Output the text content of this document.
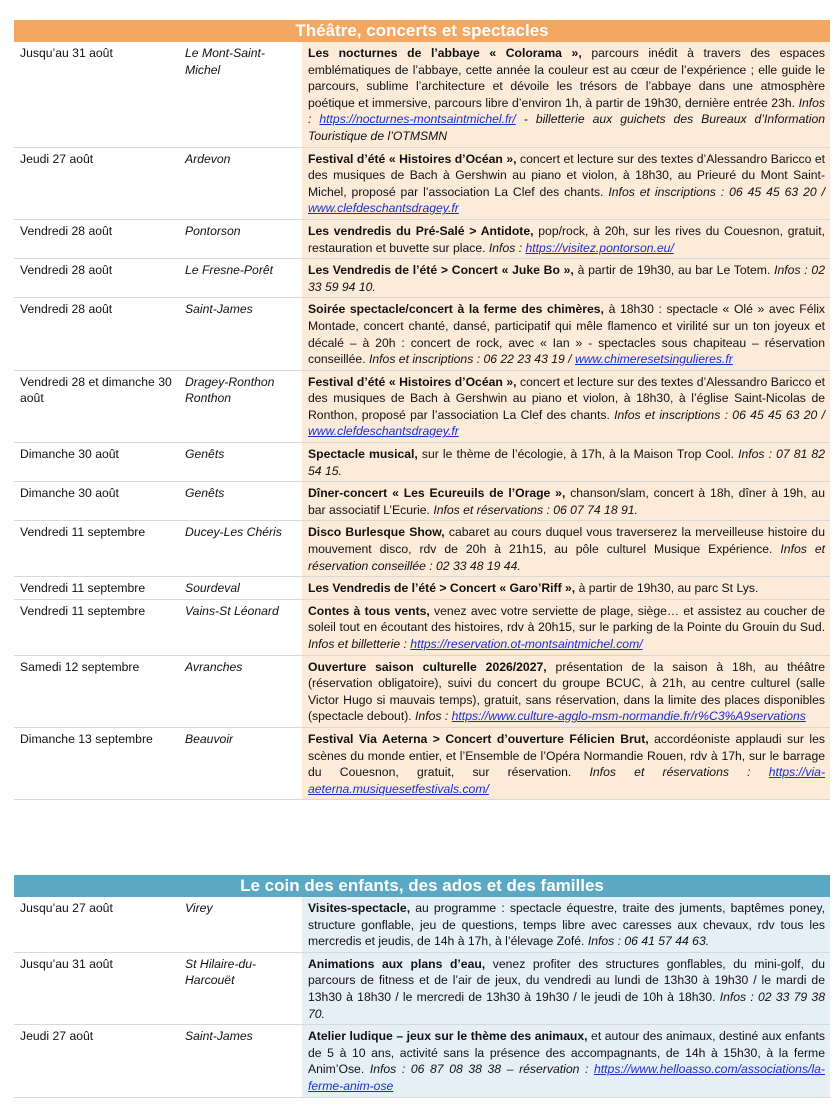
Théâtre, concerts et spectacles
Jusqu’au 31 août	Le Mont-Saint-Michel	Les nocturnes de l’abbaye « Colorama », parcours inédit à travers des espaces emblématiques de l’abbaye, cette année la couleur est au cœur de l’expérience ; elle guide le parcours, sublime l’architecture et dévoile les trésors de l’abbaye dans une atmosphère poétique et immersive, parcours libre d’environ 1h, à partir de 19h30, dernière entrée 23h. Infos : https://nocturnes-montsaintmichel.fr/ - billetterie aux guichets des Bureaux d’Information Touristique de l’OTMSMN
Jeudi 27 août	Ardevon	Festival d’été « Histoires d’Océan », concert et lecture sur des textes d’Alessandro Baricco et des musiques de Bach à Gershwin au piano et violon, à 18h30, au Prieuré du Mont Saint-Michel, proposé par l’association La Clef des chants. Infos et inscriptions : 06 45 45 63 20 / www.clefdeschantsdragey.fr
Vendredi 28 août	Pontorson	Les vendredis du Pré-Salé > Antidote, pop/rock, à 20h, sur les rives du Couesnon, gratuit, restauration et buvette sur place. Infos : https://visitez.pontorson.eu/
Vendredi 28 août	Le Fresne-Porêt	Les Vendredis de l’été > Concert « Juke Bo », à partir de 19h30, au bar Le Totem. Infos : 02 33 59 94 10.
Vendredi 28 août	Saint-James	Soirée spectacle/concert à la ferme des chimères, à 18h30 : spectacle « Olé » avec Félix Montade, concert chanté, dansé, participatif qui mêle flamenco et virilité sur un ton joyeux et décalé – à 20h : concert de rock, avec « Ian » - spectacles sous chapiteau – réservation conseillée. Infos et inscriptions : 06 22 23 43 19 / www.chimeresetsingulieres.fr
Vendredi 28 et dimanche 30 août	Dragey-Ronthon Ronthon	Festival d’été « Histoires d’Océan », concert et lecture sur des textes d’Alessandro Baricco et des musiques de Bach à Gershwin au piano et violon, à 18h30, à l’église Saint-Nicolas de Ronthon, proposé par l’association La Clef des chants. Infos et inscriptions : 06 45 45 63 20 / www.clefdeschantsdragey.fr
Dimanche 30 août	Genêts	Spectacle musical, sur le thème de l’écologie, à 17h, à la Maison Trop Cool. Infos : 07 81 82 54 15.
Dimanche 30 août	Genêts	Dîner-concert « Les Ecureuils de l’Orage », chanson/slam, concert à 18h, dîner à 19h, au bar associatif L’Ecurie. Infos et réservations : 06 07 74 18 91.
Vendredi 11 septembre	Ducey-Les Chéris	Disco Burlesque Show, cabaret au cours duquel vous traverserez la merveilleuse histoire du mouvement disco, rdv de 20h à 21h15, au pôle culturel Musique Expérience. Infos et réservation conseillée : 02 33 48 19 44.
Vendredi 11 septembre	Sourdeval	Les Vendredis de l’été > Concert « Garo’Riff », à partir de 19h30, au parc St Lys.
Vendredi 11 septembre	Vains-St Léonard	Contes à tous vents, venez avec votre serviette de plage, siège… et assistez au coucher de soleil tout en écoutant des histoires, rdv à 20h15, sur le parking de la Pointe du Grouin du Sud. Infos et billetterie : https://reservation.ot-montsaintmichel.com/
Samedi 12 septembre	Avranches	Ouverture saison culturelle 2026/2027, présentation de la saison à 18h, au théâtre (réservation obligatoire), suivi du concert du groupe BCUC, à 21h, au centre culturel (salle Victor Hugo si mauvais temps), gratuit, sans réservation, dans la limite des places disponibles (spectacle debout). Infos : https://www.culture-agglo-msm-normandie.fr/r%C3%A9servations
Dimanche 13 septembre	Beauvoir	Festival Via Aeterna > Concert d’ouverture Félicien Brut, accordéoniste applaudi sur les scènes du monde entier, et l’Ensemble de l’Opéra Normandie Rouen, rdv à 17h, sur le barrage du Couesnon, gratuit, sur réservation. Infos et réservations : https://via-aeterna.musiquesetfestivals.com/
Le coin des enfants, des ados et des familles
Jusqu’au 27 août	Virey	Visites-spectacle, au programme : spectacle équestre, traite des juments, baptêmes poney, structure gonflable, jeu de questions, temps libre avec caresses aux chevaux, rdv tous les mercredis et jeudis, de 14h à 17h, à l’élevage Zofé. Infos : 06 41 57 44 63.
Jusqu’au 31 août	St Hilaire-du-Harcouët	Animations aux plans d’eau, venez profiter des structures gonflables, du mini-golf, du parcours de fitness et de l’air de jeux, du vendredi au lundi de 13h30 à 19h30 / le mardi de 13h30 à 18h30 / le mercredi de 13h30 à 19h30 / le jeudi de 10h à 18h30. Infos : 02 33 79 38 70.
Jeudi 27 août	Saint-James	Atelier ludique – jeux sur le thème des animaux, et autour des animaux, destiné aux enfants de 5 à 10 ans, activité sans la présence des accompagnants, de 14h à 15h30, à la ferme Anim’Ose. Infos : 06 87 08 38 38 – réservation : https://www.helloasso.com/associations/la-ferme-anim-ose
